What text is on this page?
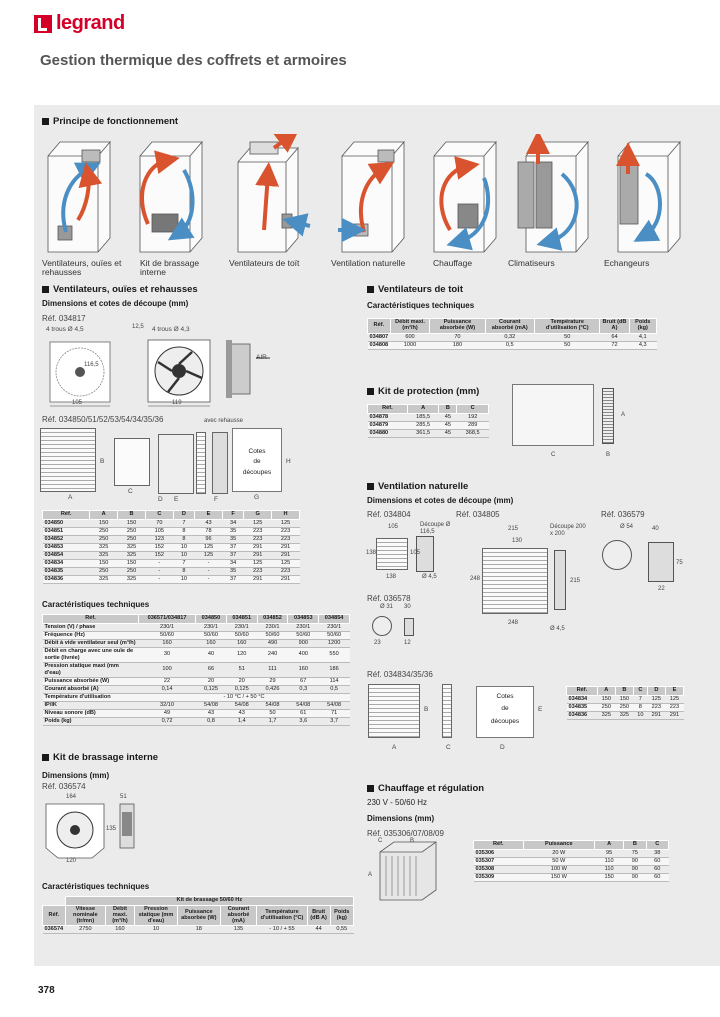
legrand
Gestion thermique des coffrets et armoires
Principe de fonctionnement
Ventilateurs, ouïes et rehausses
Kit de brassage interne
Ventilateurs de toït	Ventilation naturelle	Chauffage	Climatiseurs	Echangeurs
Ventilateurs, ouïes et rehausses
Dimensions et cotes de découpe (mm)
Réf. 034817
4 trous Ø 4,5	4 trous Ø 4,3
AIR
105	119
116,5
12,5
Réf. 034850/51/52/53/54/34/35/36	avec rehausse
Cotes
de
découpes
A
B
C
D E	F	G
H
Réf.	A	B	C	D	E	F	G	H
034850	150	150	70	7	43	34	125	125
034851	250	250	105	8	78	35	223	223
034852	250	250	123	8	96	35	223	223
034853	325	325	152	10	125	37	291	291
034854	325	325	152	10	125	37	291	291
034834	150	150	-	7	-	34	125	125
034835	250	250	-	8	-	35	223	223
034836	325	325	-	10	-	37	291	291
Caractéristiques techniques
Réf.	036571/034817	034850	034851	034852	034853	034854
Tension (V) / phase	230/1	230/1	230/1	230/1	230/1	230/1
Fréquence (Hz)	50/60	50/60	50/60	50/60	50/60	50/60
Débit à vide ventilateur seul (m³/h)	160	160	160	490	900	1200
Débit en charge avec une ouïe de sortie (livrée)	30	40	120	240	400	550
Pression statique maxi (mm d'eau)	100	66	51	111	160	186
Puissance absorbée (W)	22	20	20	29	67	114
Courant absorbé (A)	0,14	0,125	0,125	0,426	0,3	0,5
Température d'utilisation	- 10 °C / + 50 °C					
IP/IK	32/10	54/08	54/08	54/08	54/08	54/08
Niveau sonore (dB)	49	43	43	50	61	71
Poids (kg)	0,72	0,8	1,4	1,7	3,6	3,7
Kit de brassage interne
Dimensions (mm)
Réf. 036574
164	51
135
120
Caractéristiques techniques
	Kit de brassage 50/60 Hz							
Réf.	Vitesse nominale (tr/mn)	Débit maxi. (m³/h)	Pression statique (mm d'eau)	Puissance absorbée (W)	Courant absorbé (mA)	Température d'utilisation (°C)	Bruit (dB A)	Poids (kg)
036574	2750	160	10	18	135	- 10 / + 55	44	0,55
Ventilateurs de toit
Caractéristiques techniques
Réf.	Débit maxi. (m³/h)	Puissance absorbée (W)	Courant absorbé (mA)	Température d'utilisation (°C)	Bruit (dB A)	Poids (kg)
034807	600	70	0,32	50	64	4,1
034808	1000	180	0,5	50	72	4,3
Kit de protection (mm)
Réf.	A	B	C
034878	185,5	45	192
034879	285,5	45	289
034880	361,5	45	368,5
C
A
B
Ventilation naturelle
Dimensions et cotes de découpe (mm)
Réf. 034804	Réf. 034805	Réf. 036579
105	Découpe Ø 116,5
138
138
105
Ø 4,5
215
130
Découpe 200 x 200
248
248
215
Ø 4,5
Ø 54	40
22
75
Réf. 036578
Ø 31 30
23	12
Réf. 034834/35/36
Cotes
de
découpes
A
B
C	D
E
Réf.	A	B	C	D	E
034834	150	150	7	125	125
034835	250	250	8	223	223
034836	325	325	10	291	291
Chauffage et régulation
230 V - 50/60 Hz
Dimensions (mm)
Réf. 035306/07/08/09
A
C	B	Réf.	Puissance	A	B	C
035306	20 W	95	75	38
035307	50 W	110	90	60
035308	100 W	110	90	60
035309	150 W	150	90	60
378
